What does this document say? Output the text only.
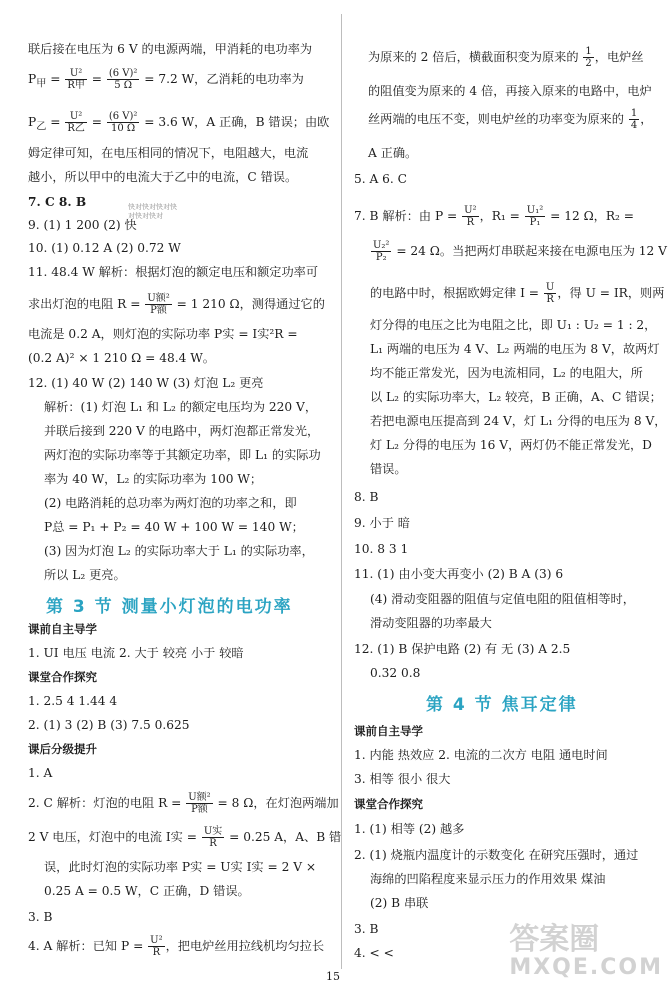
联后接在电压为 6 V 的电源两端，甲消耗的电功率为
$P_甲 = \frac{\text{U²}}{\text{R甲}} = \frac{\text{(6 V)²}}{5 \Omega} = 7.2$ W，乙消耗的电功率为
$P_乙 = \frac{\text{U²}}{\text{R乙}} = \frac{\text{(6 V)²}}{10 \Omega} = 3.6$ W，A 正确，B 错误；由欧
姆定律可知，在电压相同的情况下，电阻越大，电流
越小，所以甲中的电流大于乙中的电流，C 错误。
7. C 8. B	快对快对快对快对快对快对
9. (1) 1 200 (2) 快
10. (1) 0.12 A (2) 0.72 W
11. 48.4 W 解析：根据灯泡的额定电压和额定功率可
求出灯泡的电阻 $R = \frac{\text{U额²}}{\text{P额}} = 1$ 210 Ω，测得通过它的
电流是 0.2 A，则灯泡的实际功率 P实 = I实²R =
(0.2 A)² × 1 210 Ω = 48.4 W。
12. (1) 40 W (2) 140 W (3) 灯泡 L₂ 更亮
解析：(1) 灯泡 L₁ 和 L₂ 的额定电压均为 220 V，
并联后接到 220 V 的电路中，两灯泡都正常发光，
两灯泡的实际功率等于其额定功率，即 L₁ 的实际功
率为 40 W，L₂ 的实际功率为 100 W；
(2) 电路消耗的总功率为两灯泡的功率之和，即
P总 = P₁ + P₂ = 40 W + 100 W = 140 W；
(3) 因为灯泡 L₂ 的实际功率大于 L₁ 的实际功率，
所以 L₂ 更亮。
第 3 节 测量小灯泡的电功率
课前自主导学
1. UI 电压 电流 2. 大于 较亮 小于 较暗
课堂合作探究
1. 2.5 4 1.44 4
2. (1) 3 (2) B (3) 7.5 0.625
课后分级提升
1. A
2. C 解析：灯泡的电阻 $R = \frac{\text{U额²}}{\text{P额}} = 8$ Ω，在灯泡两端加
2 V 电压，灯泡中的电流 I实 = $\frac{\text{U实}}{R} = 0.25$ A，A、B 错
误，此时灯泡的实际功率 P实 = U实 I实 = 2 V ×
0.25 A = 0.5 W，C 正确，D 错误。
3. B
4. A 解析：已知 $P = \frac{\text{U²}}{R}$ ，把电炉丝用拉线机均匀拉长
为原来的 2 倍后，横截面积变为原来的 $\frac{1}{2}$ ，电炉丝
的阻值变为原来的 4 倍，再接入原来的电路中，电炉
丝两端的电压不变，则电炉丝的功率变为原来的 $\frac{1}{4}$ ，
A 正确。
5. A 6. C
7. B 解析：由 $P = \frac{\text{U²}}{R}$ ，$R_1 = \frac{\text{U₁²}}{\text{P₁}} = 12$ Ω，R₂ =
$\frac{\text{U₂²}}{\text{P₂}} = 24$ Ω。当把两灯串联起来接在电源电压为 12 V
的电路中时，根据欧姆定律 $I = \frac{U}{R}$ ，得 U = IR，则两
灯分得的电压之比为电阻之比，即 U₁ : U₂ = 1 : 2，
L₁ 两端的电压为 4 V、L₂ 两端的电压为 8 V，故两灯
均不能正常发光，因为电流相同，L₂ 的电阻大，所
以 L₂ 的实际功率大，L₂ 较亮，B 正确，A、C 错误；
若把电源电压提高到 24 V，灯 L₁ 分得的电压为 8 V，
灯 L₂ 分得的电压为 16 V，两灯仍不能正常发光，D
错误。
8. B
9. 小于 暗
10. 8 3 1
11. (1) 由小变大再变小 (2) B A (3) 6
(4) 滑动变阻器的阻值与定值电阻的阻值相等时，
滑动变阻器的功率最大
12. (1) B 保护电路 (2) 有 无 (3) A 2.5
0.32 0.8
第 4 节 焦耳定律
课前自主导学
1. 内能 热效应 2. 电流的二次方 电阻 通电时间
3. 相等 很小 很大
课堂合作探究
1. (1) 相等 (2) 越多
2. (1) 烧瓶内温度计的示数变化 在研究压强时，通过
海绵的凹陷程度来显示压力的作用效果 煤油
(2) B 串联
3. B
4. < <	答案圈
MXQE.COM
15
